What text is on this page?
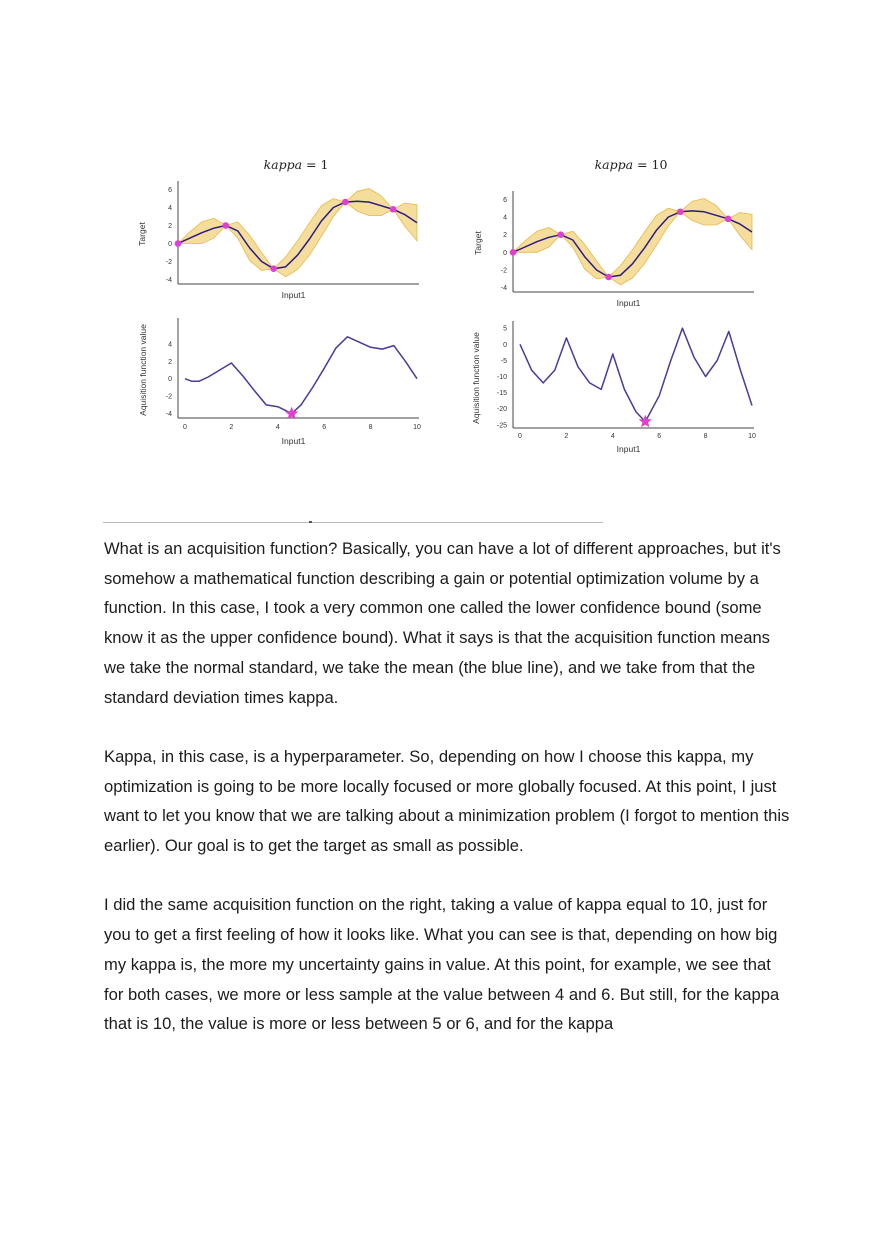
kappa = 1
-4
-2
0
2
4
6
Input1
Target
kappa = 10
-4
-2
0
2
4
6
Input1
Target
-4
-2
0
2
4
0	2	4	6	8	10
Input1
Aquisition function value
-25
-20
-15
-10
-5
0
5
0	2	4	6	8	10
Input1
Aquisition function value

What is an acquisition function? Basically, you can have a lot of different approaches, but it's somehow a mathematical function describing a gain or potential optimization volume by a function. In this case, I took a very common one called the lower confidence bound (some know it as the upper confidence bound). What it says is that the acquisition function means we take the normal standard, we take the mean (the blue line), and we take from that the standard deviation times kappa.

Kappa, in this case, is a hyperparameter. So, depending on how I choose this kappa, my optimization is going to be more locally focused or more globally focused. At this point, I just want to let you know that we are talking about a minimization problem (I forgot to mention this earlier). Our goal is to get the target as small as possible.

I did the same acquisition function on the right, taking a value of kappa equal to 10, just for you to get a first feeling of how it looks like. What you can see is that, depending on how big my kappa is, the more my uncertainty gains in value. At this point, for example, we see that for both cases, we more or less sample at the value between 4 and 6. But still, for the kappa that is 10, the value is more or less between 5 or 6, and for the kappa
